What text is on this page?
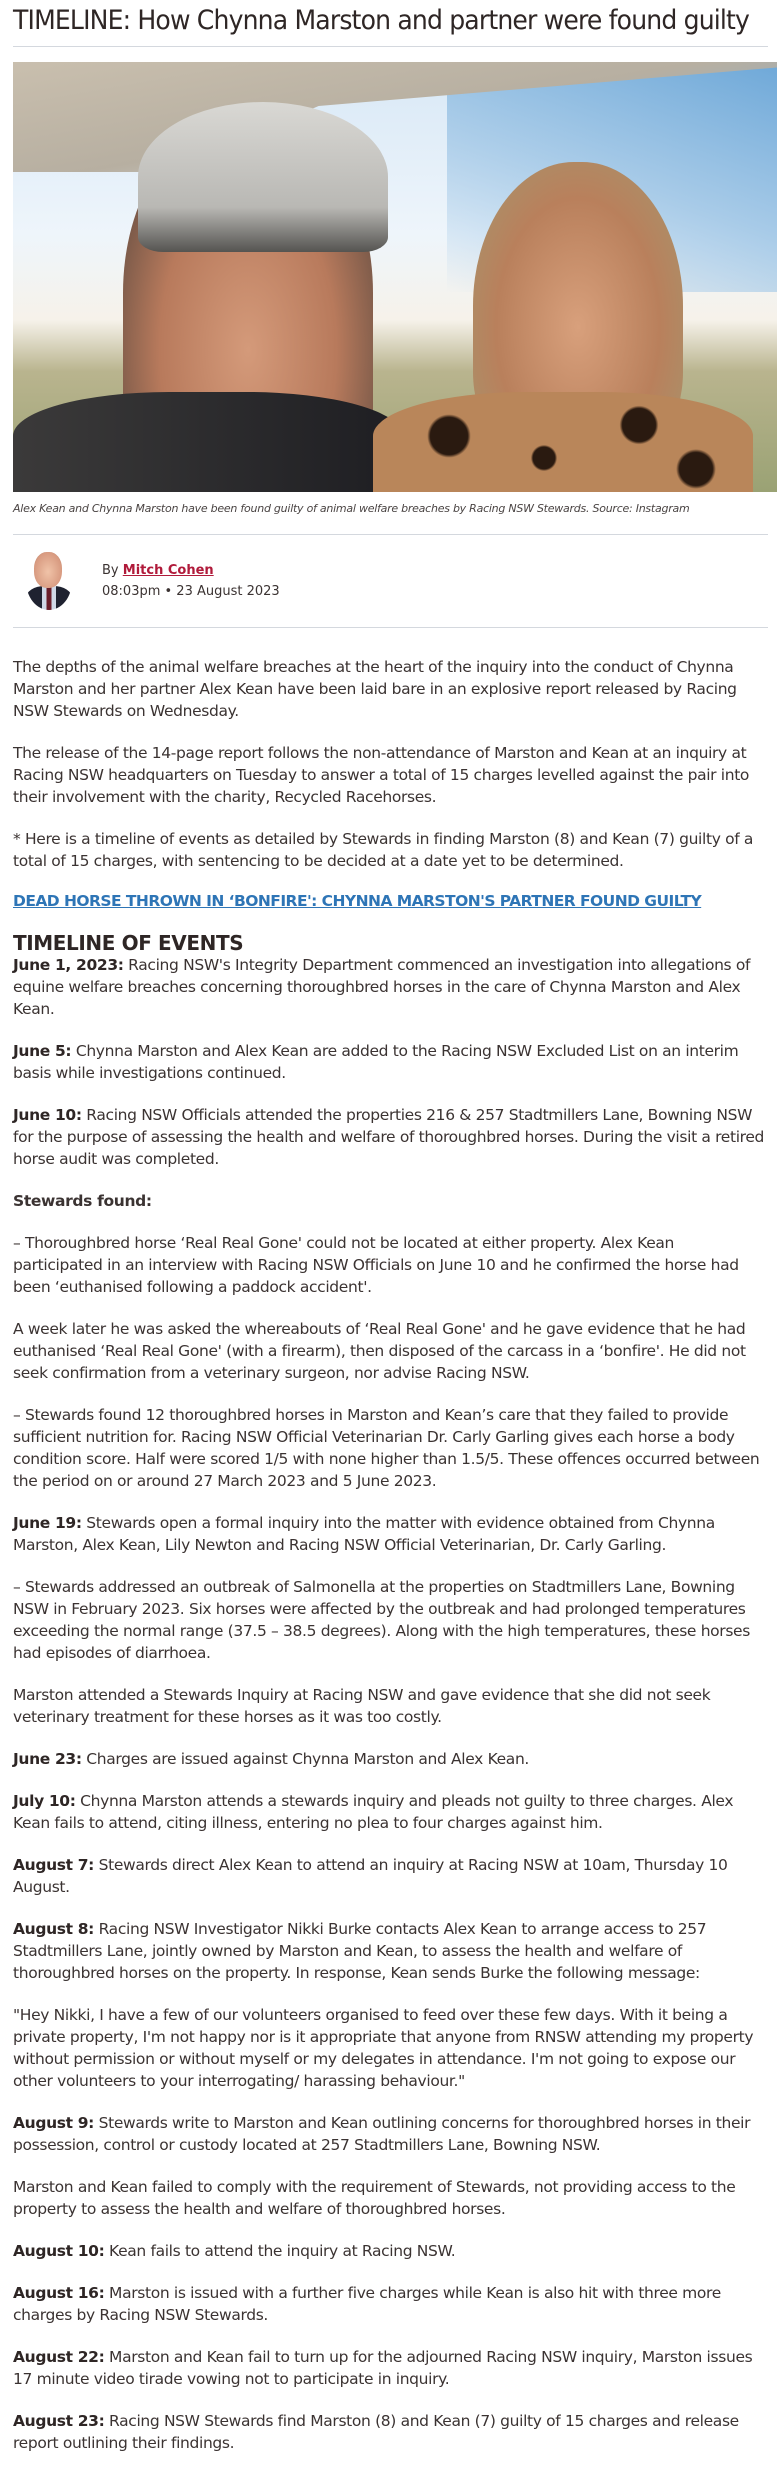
TIMELINE: How Chynna Marston and partner were found guilty

Alex Kean and Chynna Marston have been found guilty of animal welfare breaches by Racing NSW Stewards. Source: Instagram

By Mitch Cohen
08:03pm • 23 August 2023

The depths of the animal welfare breaches at the heart of the inquiry into the conduct of Chynna Marston and her partner Alex Kean have been laid bare in an explosive report released by Racing NSW Stewards on Wednesday.

The release of the 14-page report follows the non-attendance of Marston and Kean at an inquiry at Racing NSW headquarters on Tuesday to answer a total of 15 charges levelled against the pair into their involvement with the charity, Recycled Racehorses.

* Here is a timeline of events as detailed by Stewards in finding Marston (8) and Kean (7) guilty of a total of 15 charges, with sentencing to be decided at a date yet to be determined.

DEAD HORSE THROWN IN ‘BONFIRE': CHYNNA MARSTON'S PARTNER FOUND GUILTY
TIMELINE OF EVENTS

June 1, 2023: Racing NSW's Integrity Department commenced an investigation into allegations of equine welfare breaches concerning thoroughbred horses in the care of Chynna Marston and Alex Kean.

June 5: Chynna Marston and Alex Kean are added to the Racing NSW Excluded List on an interim basis while investigations continued.

June 10: Racing NSW Officials attended the properties 216 & 257 Stadtmillers Lane, Bowning NSW for the purpose of assessing the health and welfare of thoroughbred horses. During the visit a retired horse audit was completed.

Stewards found:

– Thoroughbred horse ‘Real Real Gone' could not be located at either property. Alex Kean participated in an interview with Racing NSW Officials on June 10 and he confirmed the horse had been ‘euthanised following a paddock accident'.

A week later he was asked the whereabouts of ‘Real Real Gone' and he gave evidence that he had euthanised ‘Real Real Gone' (with a firearm), then disposed of the carcass in a ‘bonfire'. He did not seek confirmation from a veterinary surgeon, nor advise Racing NSW.

– Stewards found 12 thoroughbred horses in Marston and Kean’s care that they failed to provide sufficient nutrition for. Racing NSW Official Veterinarian Dr. Carly Garling gives each horse a body condition score. Half were scored 1/5 with none higher than 1.5/5. These offences occurred between the period on or around 27 March 2023 and 5 June 2023.

June 19: Stewards open a formal inquiry into the matter with evidence obtained from Chynna Marston, Alex Kean, Lily Newton and Racing NSW Official Veterinarian, Dr. Carly Garling.

– Stewards addressed an outbreak of Salmonella at the properties on Stadtmillers Lane, Bowning NSW in February 2023. Six horses were affected by the outbreak and had prolonged temperatures exceeding the normal range (37.5 – 38.5 degrees). Along with the high temperatures, these horses had episodes of diarrhoea.

Marston attended a Stewards Inquiry at Racing NSW and gave evidence that she did not seek veterinary treatment for these horses as it was too costly.

June 23: Charges are issued against Chynna Marston and Alex Kean.

July 10: Chynna Marston attends a stewards inquiry and pleads not guilty to three charges. Alex Kean fails to attend, citing illness, entering no plea to four charges against him.

August 7: Stewards direct Alex Kean to attend an inquiry at Racing NSW at 10am, Thursday 10 August.

August 8: Racing NSW Investigator Nikki Burke contacts Alex Kean to arrange access to 257 Stadtmillers Lane, jointly owned by Marston and Kean, to assess the health and welfare of thoroughbred horses on the property. In response, Kean sends Burke the following message:

"Hey Nikki, I have a few of our volunteers organised to feed over these few days. With it being a private property, I'm not happy nor is it appropriate that anyone from RNSW attending my property without permission or without myself or my delegates in attendance. I'm not going to expose our other volunteers to your interrogating/ harassing behaviour."

August 9: Stewards write to Marston and Kean outlining concerns for thoroughbred horses in their possession, control or custody located at 257 Stadtmillers Lane, Bowning NSW.

Marston and Kean failed to comply with the requirement of Stewards, not providing access to the property to assess the health and welfare of thoroughbred horses.

August 10: Kean fails to attend the inquiry at Racing NSW.

August 16: Marston is issued with a further five charges while Kean is also hit with three more charges by Racing NSW Stewards.

August 22: Marston and Kean fail to turn up for the adjourned Racing NSW inquiry, Marston issues 17 minute video tirade vowing not to participate in inquiry.

August 23: Racing NSW Stewards find Marston (8) and Kean (7) guilty of 15 charges and release report outlining their findings.
